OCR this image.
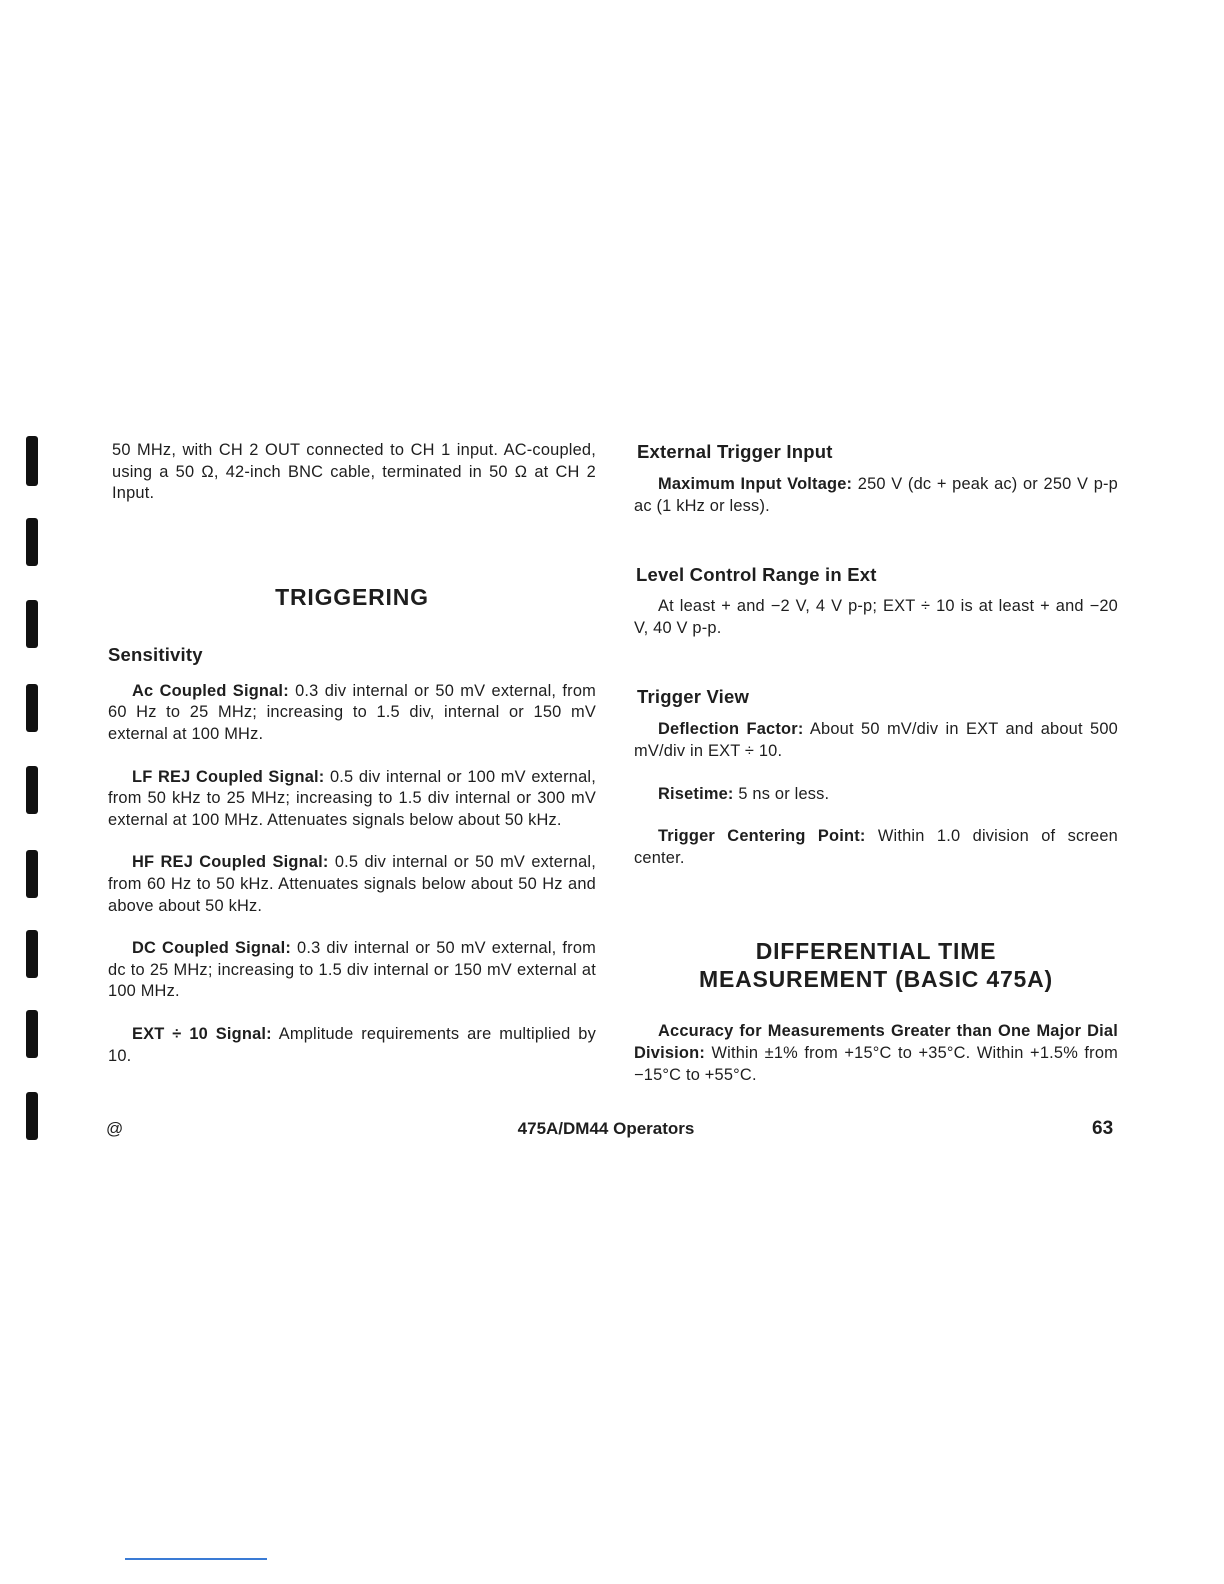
50 MHz, with CH 2 OUT connected to CH 1 input. AC-coupled, using a 50 Ω, 42-inch BNC cable, terminated in 50 Ω at CH 2 Input.

TRIGGERING
Sensitivity

Ac Coupled Signal: 0.3 div internal or 50 mV external, from 60 Hz to 25 MHz; increasing to 1.5 div, internal or 150 mV external at 100 MHz.

LF REJ Coupled Signal: 0.5 div internal or 100 mV external, from 50 kHz to 25 MHz; increasing to 1.5 div internal or 300 mV external at 100 MHz. Attenuates signals below about 50 kHz.

HF REJ Coupled Signal: 0.5 div internal or 50 mV external, from 60 Hz to 50 kHz. Attenuates signals below about 50 Hz and above about 50 kHz.

DC Coupled Signal: 0.3 div internal or 50 mV external, from dc to 25 MHz; increasing to 1.5 div internal or 150 mV external at 100 MHz.

EXT ÷ 10 Signal: Amplitude requirements are multiplied by 10.

External Trigger Input

Maximum Input Voltage: 250 V (dc + peak ac) or 250 V p-p ac (1 kHz or less).

Level Control Range in Ext

At least + and −2 V, 4 V p-p; EXT ÷ 10 is at least + and −20 V, 40 V p-p.

Trigger View

Deflection Factor: About 50 mV/div in EXT and about 500 mV/div in EXT ÷ 10.

Risetime: 5 ns or less.

Trigger Centering Point: Within 1.0 division of screen center.

DIFFERENTIAL TIME
MEASUREMENT (BASIC 475A)

Accuracy for Measurements Greater than One Major Dial Division: Within ±1% from +15°C to +35°C. Within +1.5% from −15°C to +55°C.

@	475A/DM44 Operators	63
